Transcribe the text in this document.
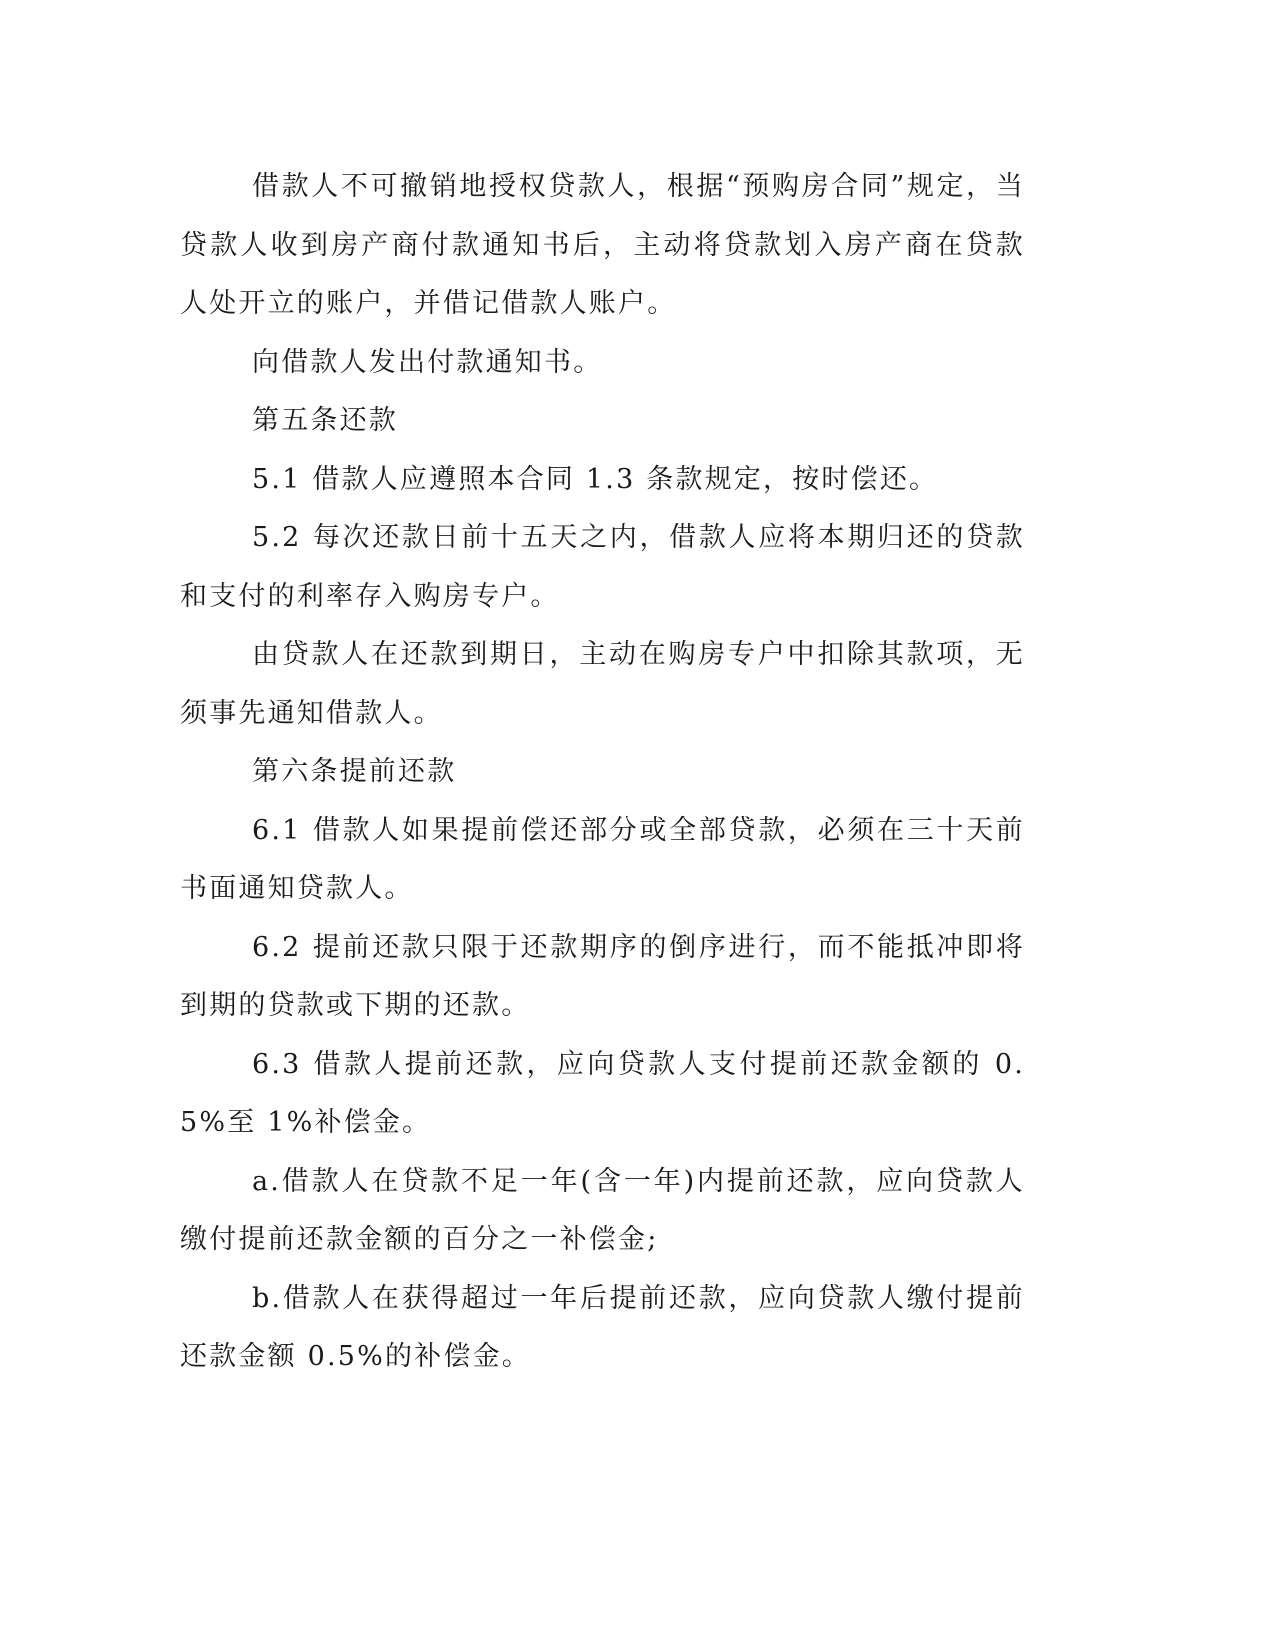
借款人不可撤销地授权贷款人，根据“预购房合同”规定，当贷款人收到房产商付款通知书后，主动将贷款划入房产商在贷款人处开立的账户，并借记借款人账户。

向借款人发出付款通知书。

第五条还款

5.1 借款人应遵照本合同 1.3 条款规定，按时偿还。

5.2 每次还款日前十五天之内，借款人应将本期归还的贷款和支付的利率存入购房专户。

由贷款人在还款到期日，主动在购房专户中扣除其款项，无须事先通知借款人。

第六条提前还款

6.1 借款人如果提前偿还部分或全部贷款，必须在三十天前书面通知贷款人。

6.2 提前还款只限于还款期序的倒序进行，而不能抵冲即将到期的贷款或下期的还款。

6.3 借款人提前还款，应向贷款人支付提前还款金额的 0.5%至 1%补偿金。

a.借款人在贷款不足一年(含一年)内提前还款，应向贷款人缴付提前还款金额的百分之一补偿金;

b.借款人在获得超过一年后提前还款，应向贷款人缴付提前还款金额 0.5%的补偿金。
